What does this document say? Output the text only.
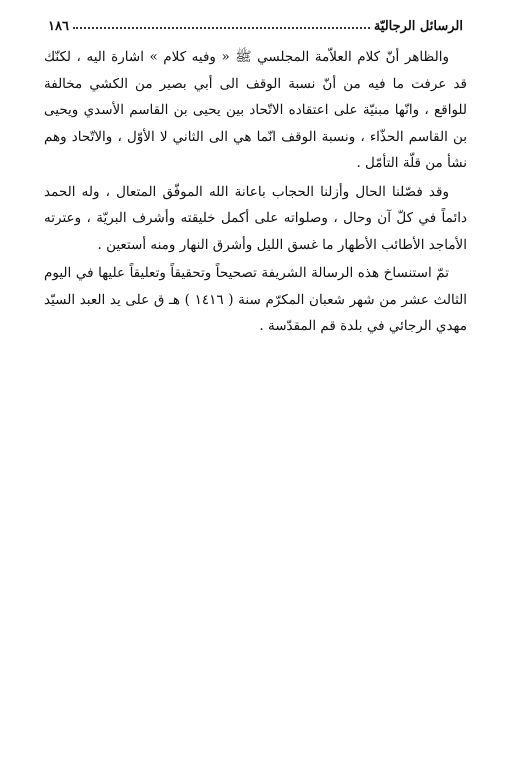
الرسائل الرجاليّة
١٨٦

والظاهر أنّ كلام العلاّمة المجلسي ﷺ « وفيه كلام » اشارة اليه ، لكنّك قد عرفت ما فيه من أنّ نسبة الوقف الى أبي بصير من الكشي مخالفة للواقع ، وانّها مبنيّة على اعتقاده الاتّحاد بين يحيى بن القاسم الأسدي ويحيى بن القاسم الحذّاء ، ونسبة الوقف انّما هي الى الثاني لا الأوّل ، والاتّحاد وهم نشأ من قلّة التأمّل .

وقد فصّلنا الحال وأزلنا الحجاب باعانة الله الموفّق المتعال ، وله الحمد دائماً في كلّ آن وحال ، وصلواته على أكمل خليقته وأشرف البريّة ، وعترته الأماجد الأطائب الأطهار ما غسق الليل وأشرق النهار ومنه أستعين .

تمّ استنساخ هذه الرسالة الشريفة تصحيحاً وتحقيقاً وتعليقاً عليها في اليوم الثالث عشر من شهر شعبان المكرّم سنة ( ١٤١٦ ) هـ ق على يد العبد السيّد مهدي الرجائي في بلدة قم المقدّسة .
